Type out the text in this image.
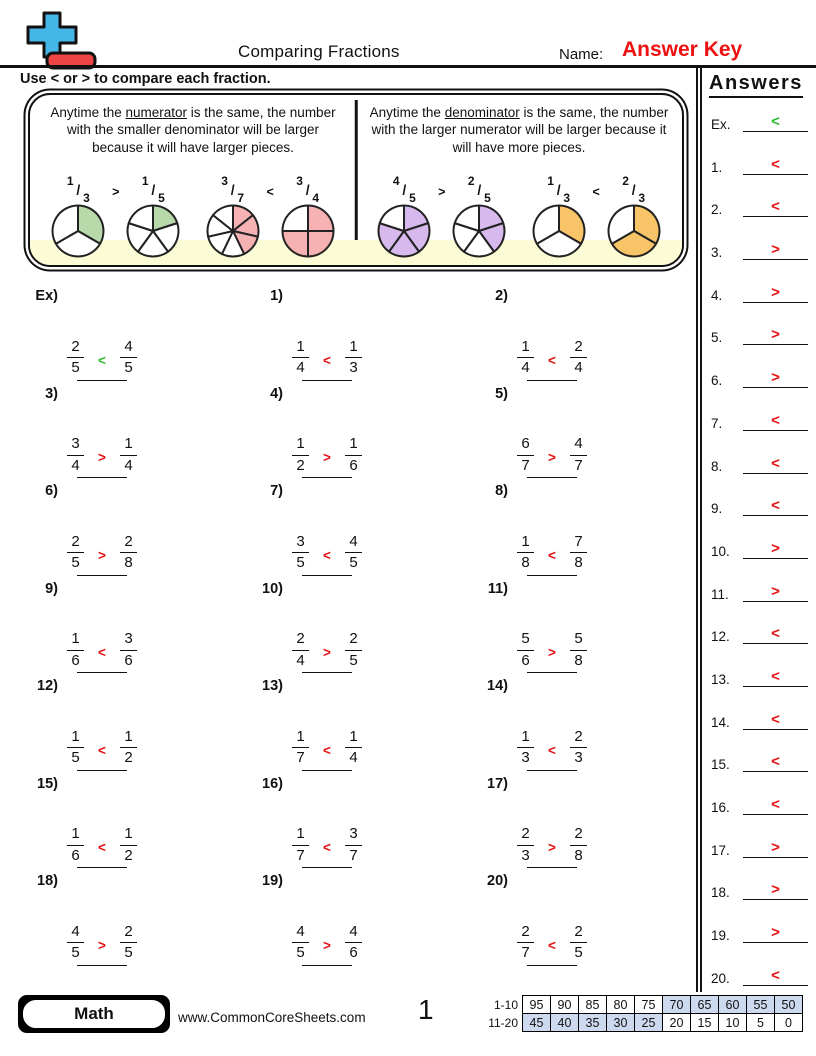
Comparing Fractions	Name: Answer Key
Use < or > to compare each fraction.
Anytime the numerator is the same, the number with the smaller denominator will be larger because it will have larger pieces.
$^1$ / $_3$ >
$^1$ / $_5$
$^3$ / $_7$ <
$^3$ / $_4$
Anytime the denominator is the same, the number with the larger numerator will be larger because it will have more pieces.
$^4$ / $_5$ >
$^2$ / $_5$
$^1$ / $_3$ <
$^2$ / $_3$
Ex)
$\frac{2}{5} < \frac{4}{5}$
1)
$\frac{1}{4} < \frac{1}{3}$
2)
$\frac{1}{4} < \frac{2}{4}$
3)
$\frac{3}{4} > \frac{1}{4}$
4)
$\frac{1}{2} > \frac{1}{6}$
5)
$\frac{6}{7} > \frac{4}{7}$
6)
$\frac{2}{5} > \frac{2}{8}$
7)
$\frac{3}{5} < \frac{4}{5}$
8)
$\frac{1}{8} < \frac{7}{8}$
9)
$\frac{1}{6} < \frac{3}{6}$
10)
$\frac{2}{4} > \frac{2}{5}$
11)
$\frac{5}{6} > \frac{5}{8}$
12)
$\frac{1}{5} < \frac{1}{2}$
13)
$\frac{1}{7} < \frac{1}{4}$
14)
$\frac{1}{3} < \frac{2}{3}$
15)
$\frac{1}{6} < \frac{1}{2}$
16)
$\frac{1}{7} < \frac{3}{7}$
17)
$\frac{2}{3} > \frac{2}{8}$
18)
$\frac{4}{5} > \frac{2}{5}$
19)
$\frac{4}{5} > \frac{4}{6}$
20)
$\frac{2}{7} < \frac{2}{5}$
Answers
Ex.	<
1.	<
2.	<
3.	>
4.	>
5.	>
6.	>
7.	<
8.	<
9.	<
10.	>
11.	>
12.	<
13.	<
14.	<
15.	<
16.	<
17.	>
18.	>
19.	>
20.	<
Math	www.CommonCoreSheets.com 1	1-10	95	90	85	80	75	70	65	60	55	50
11-20	45	40	35	30	25	20	15	10	5	0
